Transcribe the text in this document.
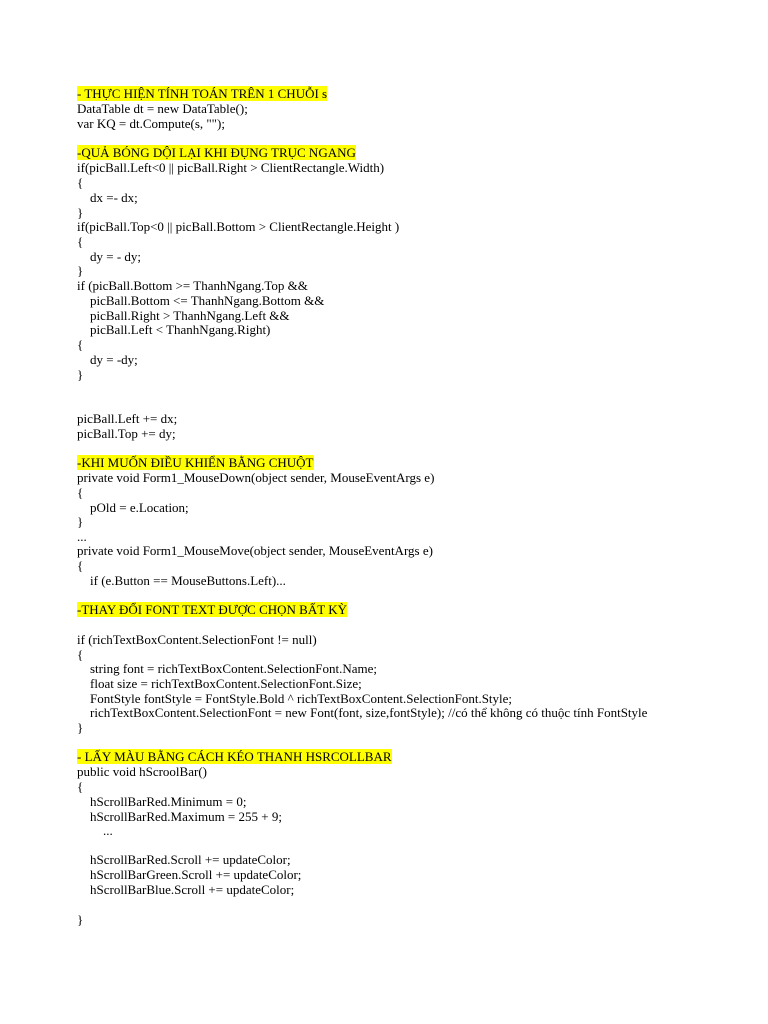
- THỰC HIỆN TÍNH TOÁN TRÊN 1 CHUỖI s
DataTable dt = new DataTable();
var KQ = dt.Compute(s, "");
-QUẢ BÓNG DỘI LẠI KHI ĐỤNG TRỤC NGANG
if(picBall.Left<0 || picBall.Right > ClientRectangle.Width)
{
dx =- dx;
}
if(picBall.Top<0 || picBall.Bottom > ClientRectangle.Height )
{
dy = - dy;
}
if (picBall.Bottom >= ThanhNgang.Top &&
picBall.Bottom <= ThanhNgang.Bottom &&
picBall.Right > ThanhNgang.Left &&
picBall.Left < ThanhNgang.Right)
{
dy = -dy;
}
picBall.Left += dx;
picBall.Top += dy;
-KHI MUỐN ĐIỀU KHIỂN BẰNG CHUỘT
private void Form1_MouseDown(object sender, MouseEventArgs e)
{
pOld = e.Location;
}
...
private void Form1_MouseMove(object sender, MouseEventArgs e)
{
if (e.Button == MouseButtons.Left)...
-THAY ĐỔI FONT TEXT ĐƯỢC CHỌN BẤT KỲ
if (richTextBoxContent.SelectionFont != null)
{
string font = richTextBoxContent.SelectionFont.Name;
float size = richTextBoxContent.SelectionFont.Size;
FontStyle fontStyle = FontStyle.Bold ^ richTextBoxContent.SelectionFont.Style;
richTextBoxContent.SelectionFont = new Font(font, size,fontStyle); //có thể không có thuộc tính FontStyle
}
- LẤY MÀU BẰNG CÁCH KÉO THANH HSRCOLLBAR
public void hScroolBar()
{
hScrollBarRed.Minimum = 0;
hScrollBarRed.Maximum = 255 + 9;
...
hScrollBarRed.Scroll += updateColor;
hScrollBarGreen.Scroll += updateColor;
hScrollBarBlue.Scroll += updateColor;
}
